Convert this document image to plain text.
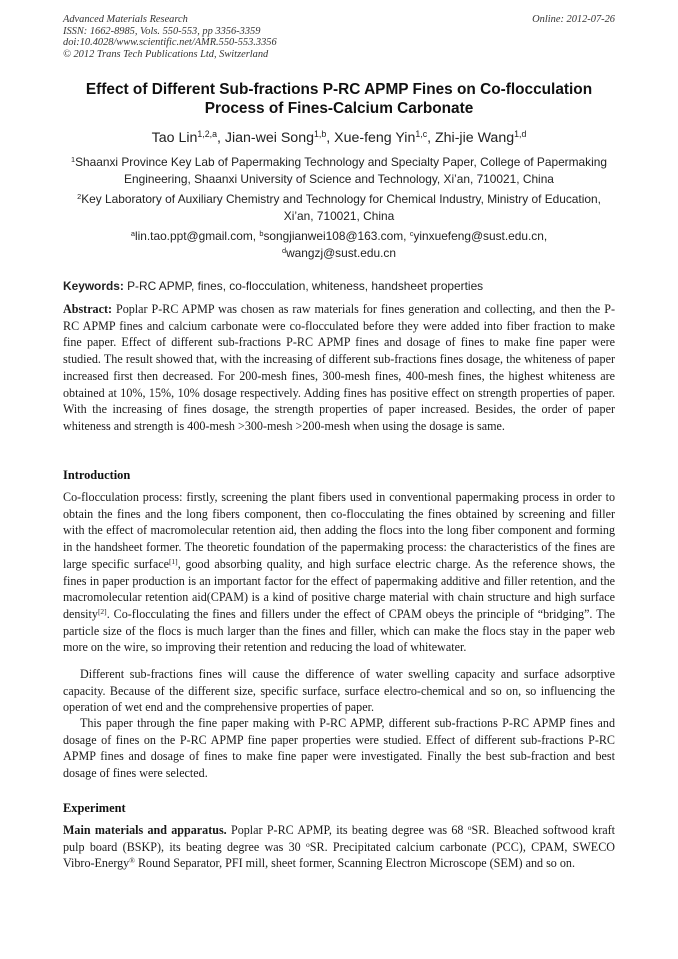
Advanced Materials Research
ISSN: 1662-8985, Vols. 550-553, pp 3356-3359
doi:10.4028/www.scientific.net/AMR.550-553.3356
© 2012 Trans Tech Publications Ltd, Switzerland
Online: 2012-07-26
Effect of Different Sub-fractions P-RC APMP Fines on Co-flocculation Process of Fines-Calcium Carbonate
Tao Lin$^{1,2,a}$, Jian-wei Song$^{1,b}$, Xue-feng Yin$^{1,c}$, Zhi-jie Wang$^{1,d}$
$^1$Shaanxi Province Key Lab of Papermaking Technology and Specialty Paper, College of Papermaking Engineering, Shaanxi University of Science and Technology, Xi’an, 710021, China
$^2$Key Laboratory of Auxiliary Chemistry and Technology for Chemical Industry, Ministry of Education, Xi’an, 710021, China
$^a$lin.tao.ppt@gmail.com, $^b$songjianwei108@163.com, $^c$yinxuefeng@sust.edu.cn,
$^d$wangzj@sust.edu.cn
Keywords: P-RC APMP, fines, co-flocculation, whiteness, handsheet properties
Abstract: Poplar P-RC APMP was chosen as raw materials for fines generation and collecting, and then the P-RC APMP fines and calcium carbonate were co-flocculated before they were added into fiber fraction to make fine paper. Effect of different sub-fractions P-RC APMP fines and dosage of fines to make fine paper were studied. The result showed that, with the increasing of different sub-fractions fines dosage, the whiteness of paper increased first then decreased. For 200-mesh fines, 300-mesh fines, 400-mesh fines, the highest whiteness are obtained at 10%, 15%, 10% dosage respectively. Adding fines has positive effect on strength properties of paper. With the increasing of fines dosage, the strength properties of paper increased. Besides, the order of paper whiteness and strength is 400-mesh >300-mesh >200-mesh when using the dosage is same.
Introduction
Co-flocculation process: firstly, screening the plant fibers used in conventional papermaking process in order to obtain the fines and the long fibers component, then co-flocculating the fines obtained by screening and filler with the effect of macromolecular retention aid, then adding the flocs into the long fiber component and forming in the handsheet former. The theoretic foundation of the papermaking process: the characteristics of the fines are large specific surface[1], good absorbing quality, and high surface electric charge. As the reference shows, the fines in paper production is an important factor for the effect of papermaking additive and filler retention, and the macromolecular retention aid(CPAM) is a kind of positive charge material with chain structure and high surface density[2]. Co-flocculating the fines and fillers under the effect of CPAM obeys the principle of “bridging”. The particle size of the flocs is much larger than the fines and filler, which can make the flocs stay in the paper web more on the wire, so improving their retention and reducing the load of whitewater.
Different sub-fractions fines will cause the difference of water swelling capacity and surface adsorptive capacity. Because of the different size, specific surface, surface electro-chemical and so on, so influencing the operation of wet end and the comprehensive properties of paper.
This paper through the fine paper making with P-RC APMP, different sub-fractions P-RC APMP fines and dosage of fines on the P-RC APMP fine paper properties were studied. Effect of different sub-fractions P-RC APMP fines and dosage of fines to make fine paper were investigated. Finally the best sub-fraction and best dosage of fines were selected.
Experiment
Main materials and apparatus. Poplar P-RC APMP, its beating degree was 68 $^o$SR. Bleached softwood kraft pulp board (BSKP), its beating degree was 30 $^o$SR. Precipitated calcium carbonate (PCC), CPAM, SWECO Vibro-Energy® Round Separator, PFI mill, sheet former, Scanning Electron Microscope (SEM) and so on.
